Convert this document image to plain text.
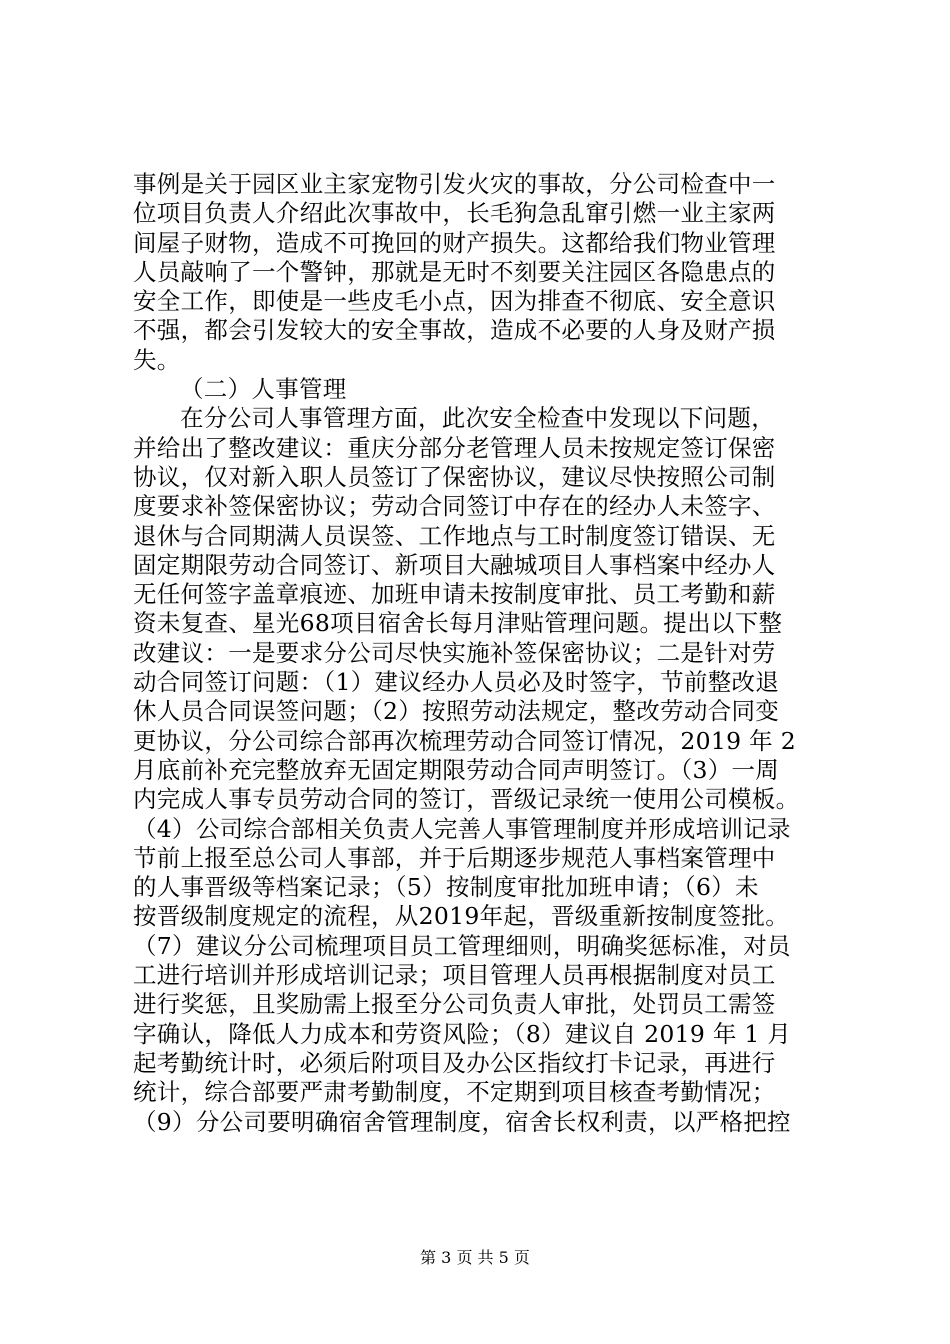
事例是关于园区业主家宠物引发火灾的事故，分公司检查中一
位项目负责人介绍此次事故中，长毛狗急乱窜引燃一业主家两
间屋子财物，造成不可挽回的财产损失。这都给我们物业管理
人员敲响了一个警钟，那就是无时不刻要关注园区各隐患点的
安全工作，即使是一些皮毛小点，因为排查不彻底、安全意识
不强，都会引发较大的安全事故，造成不必要的人身及财产损
失。
（二）人事管理
在分公司人事管理方面，此次安全检查中发现以下问题，
并给出了整改建议：重庆分部分老管理人员未按规定签订保密
协议，仅对新入职人员签订了保密协议，建议尽快按照公司制
度要求补签保密协议；劳动合同签订中存在的经办人未签字、
退休与合同期满人员误签、工作地点与工时制度签订错误、无
固定期限劳动合同签订、新项目大融城项目人事档案中经办人
无任何签字盖章痕迹、加班申请未按制度审批、员工考勤和薪
资未复查、星光68项目宿舍长每月津贴管理问题。提出以下整
改建议：一是要求分公司尽快实施补签保密协议；二是针对劳
动合同签订问题：（1）建议经办人员必及时签字，节前整改退
休人员合同误签问题；（2）按照劳动法规定，整改劳动合同变
更协议，分公司综合部再次梳理劳动合同签订情况，2019 年 2
月底前补充完整放弃无固定期限劳动合同声明签订。（3）一周
内完成人事专员劳动合同的签订，晋级记录统一使用公司模板。
（4）公司综合部相关负责人完善人事管理制度并形成培训记录
节前上报至总公司人事部，并于后期逐步规范人事档案管理中
的人事晋级等档案记录；（5）按制度审批加班申请；（6）未
按晋级制度规定的流程，从2019年起，晋级重新按制度签批。
（7）建议分公司梳理项目员工管理细则，明确奖惩标准，对员
工进行培训并形成培训记录；项目管理人员再根据制度对员工
进行奖惩，且奖励需上报至分公司负责人审批，处罚员工需签
字确认，降低人力成本和劳资风险；（8）建议自 2019 年 1 月
起考勤统计时，必须后附项目及办公区指纹打卡记录，再进行
统计，综合部要严肃考勤制度，不定期到项目核查考勤情况；
（9）分公司要明确宿舍管理制度，宿舍长权利责，以严格把控
第 3 页 共 5 页
